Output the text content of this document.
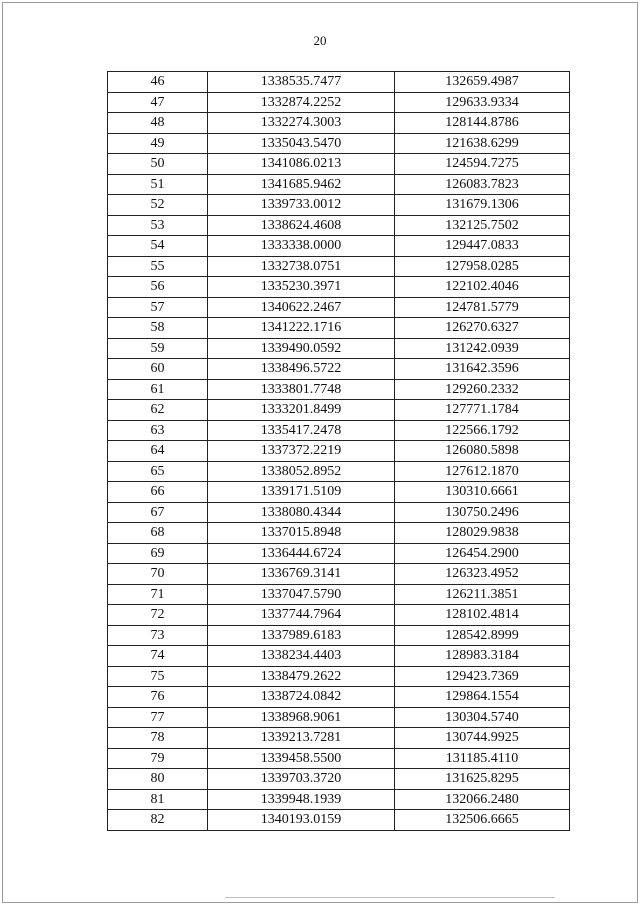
20
46	1338535.7477	132659.4987
47	1332874.2252	129633.9334
48	1332274.3003	128144.8786
49	1335043.5470	121638.6299
50	1341086.0213	124594.7275
51	1341685.9462	126083.7823
52	1339733.0012	131679.1306
53	1338624.4608	132125.7502
54	1333338.0000	129447.0833
55	1332738.0751	127958.0285
56	1335230.3971	122102.4046
57	1340622.2467	124781.5779
58	1341222.1716	126270.6327
59	1339490.0592	131242.0939
60	1338496.5722	131642.3596
61	1333801.7748	129260.2332
62	1333201.8499	127771.1784
63	1335417.2478	122566.1792
64	1337372.2219	126080.5898
65	1338052.8952	127612.1870
66	1339171.5109	130310.6661
67	1338080.4344	130750.2496
68	1337015.8948	128029.9838
69	1336444.6724	126454.2900
70	1336769.3141	126323.4952
71	1337047.5790	126211.3851
72	1337744.7964	128102.4814
73	1337989.6183	128542.8999
74	1338234.4403	128983.3184
75	1338479.2622	129423.7369
76	1338724.0842	129864.1554
77	1338968.9061	130304.5740
78	1339213.7281	130744.9925
79	1339458.5500	131185.4110
80	1339703.3720	131625.8295
81	1339948.1939	132066.2480
82	1340193.0159	132506.6665
